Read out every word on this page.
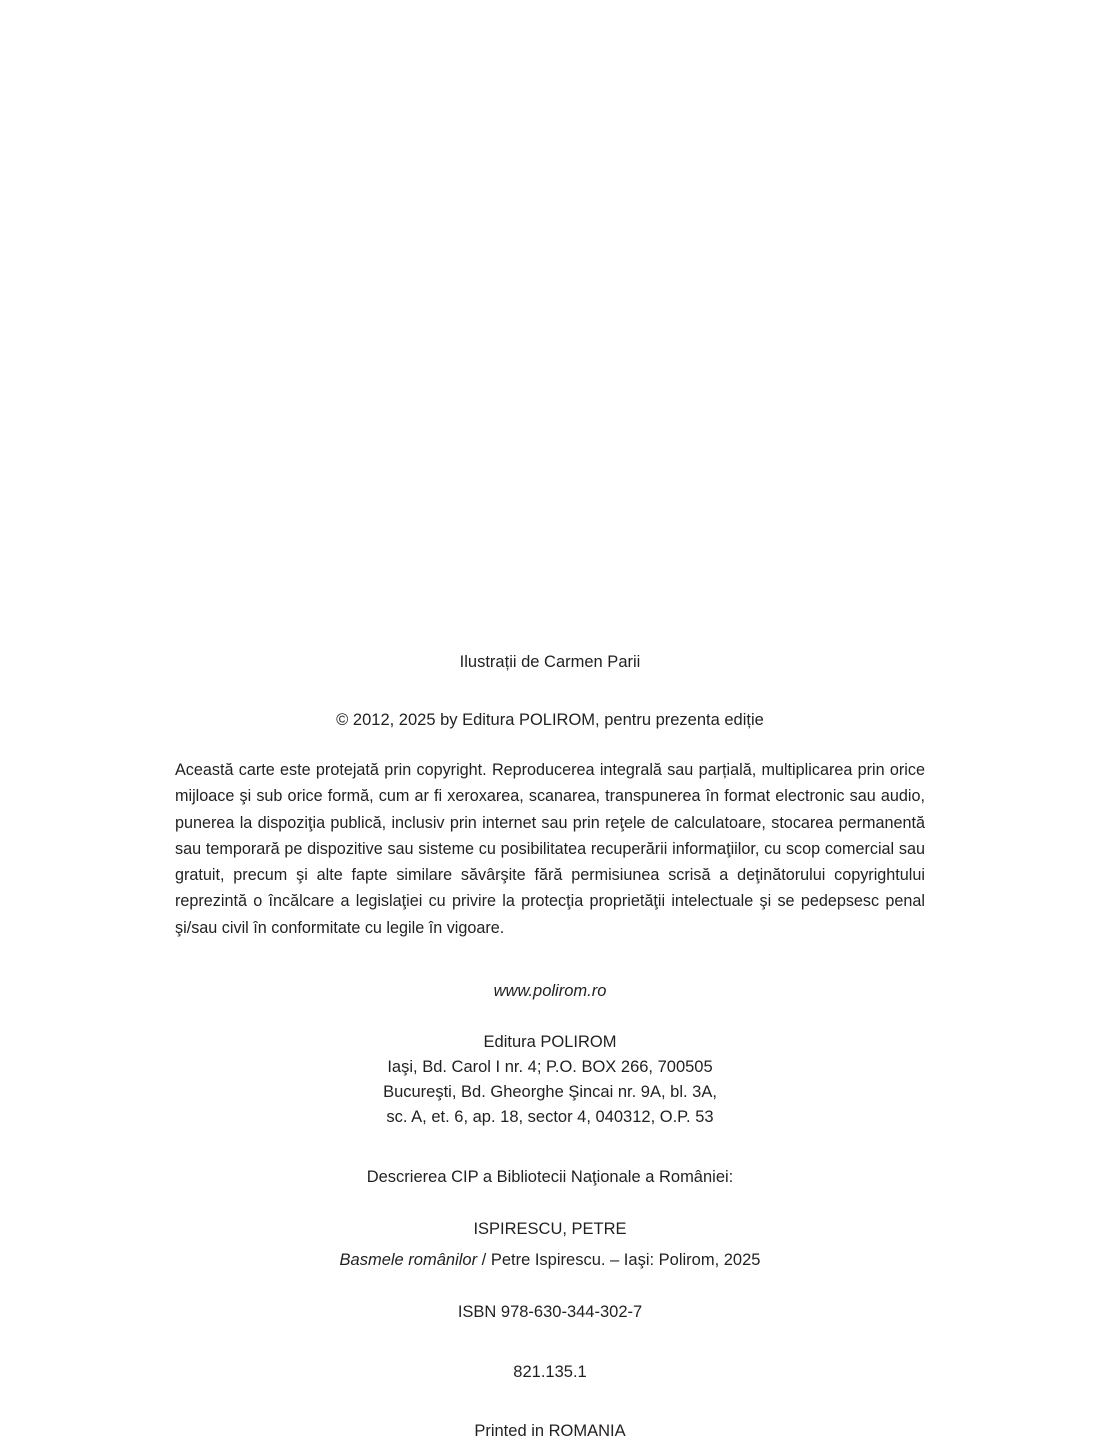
Ilustrații de Carmen Parii
© 2012, 2025 by Editura POLIROM, pentru prezenta ediție
Această carte este protejată prin copyright. Reproducerea integrală sau parțială, multiplicarea prin orice mijloace şi sub orice formă, cum ar fi xeroxarea, scanarea, transpunerea în format electronic sau audio, punerea la dispoziţia publică, inclusiv prin internet sau prin reţele de calculatoare, stocarea permanentă sau temporară pe dispozitive sau sisteme cu posibilitatea recuperării informaţiilor, cu scop comercial sau gratuit, precum şi alte fapte similare săvârşite fără permisiunea scrisă a deţinătorului copyrightului reprezintă o încălcare a legislaţiei cu privire la protecţia proprietăţii intelectuale şi se pedepsesc penal şi/sau civil în conformitate cu legile în vigoare.
www.polirom.ro
Editura POLIROM
Iaşi, Bd. Carol I nr. 4; P.O. BOX 266, 700505
Bucureşti, Bd. Gheorghe Şincai nr. 9A, bl. 3A,
sc. A, et. 6, ap. 18, sector 4, 040312, O.P. 53
Descrierea CIP a Bibliotecii Naţionale a României:
ISPIRESCU, PETRE
Basmele românilor / Petre Ispirescu. – Iaşi: Polirom, 2025
ISBN 978-630-344-302-7
821.135.1
Printed in ROMANIA
